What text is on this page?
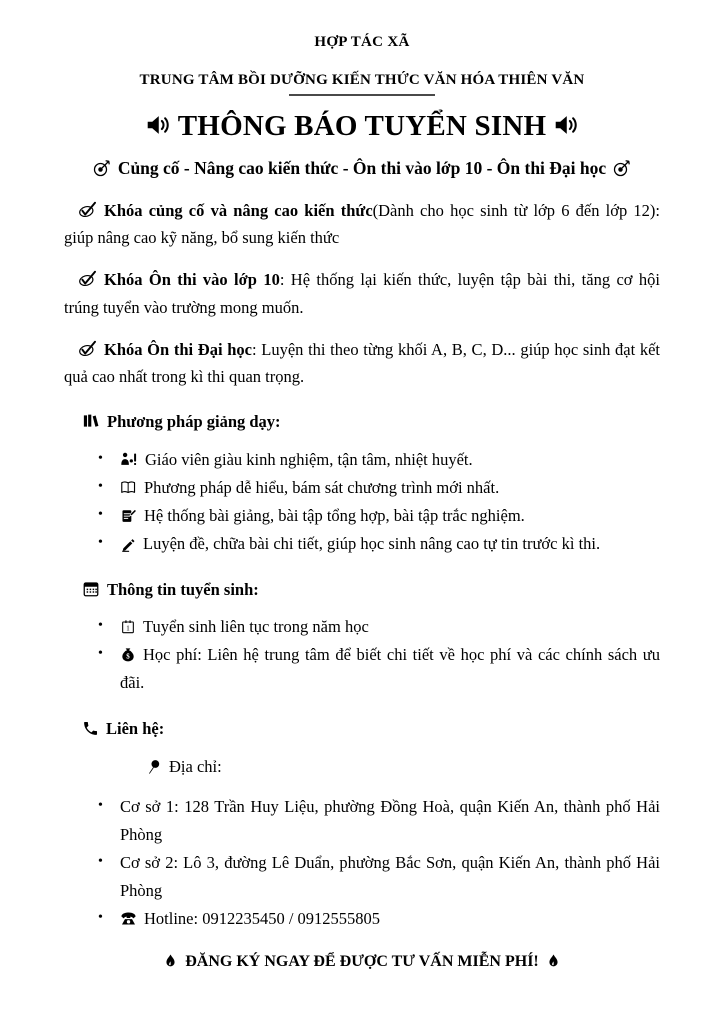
HỢP TÁC XÃ
TRUNG TÂM BỒI DƯỠNG KIẾN THỨC VĂN HÓA THIÊN VĂN
THÔNG BÁO TUYỂN SINH
Củng cố - Nâng cao kiến thức - Ôn thi vào lớp 10 - Ôn thi Đại học

Khóa củng cố và nâng cao kiến thức(Dành cho học sinh từ lớp 6 đến lớp 12): giúp nâng cao kỹ năng, bổ sung kiến thức

Khóa Ôn thi vào lớp 10: Hệ thống lại kiến thức, luyện tập bài thi, tăng cơ hội trúng tuyển vào trường mong muốn.

Khóa Ôn thi Đại học: Luyện thi theo từng khối A, B, C, D... giúp học sinh đạt kết quả cao nhất trong kì thi quan trọng.

Phương pháp giảng dạy:
•	Giáo viên giàu kinh nghiệm, tận tâm, nhiệt huyết.
•	Phương pháp dễ hiểu, bám sát chương trình mới nhất.
•	Hệ thống bài giảng, bài tập tổng hợp, bài tập trắc nghiệm.
•	Luyện đề, chữa bài chi tiết, giúp học sinh nâng cao tự tin trước kì thi.
Thông tin tuyển sinh:
•	1 Tuyển sinh liên tục trong năm học
•	$ Học phí: Liên hệ trung tâm để biết chi tiết về học phí và các chính sách ưu đãi.
Liên hệ:
Địa chỉ:
•	Cơ sở 1: 128 Trần Huy Liệu, phường Đồng Hoà, quận Kiến An, thành phố Hải Phòng
•	Cơ sở 2: Lô 3, đường Lê Duẩn, phường Bắc Sơn, quận Kiến An, thành phố Hải Phòng
•	Hotline: 0912235450 / 0912555805
ĐĂNG KÝ NGAY ĐỂ ĐƯỢC TƯ VẤN MIỄN PHÍ!
